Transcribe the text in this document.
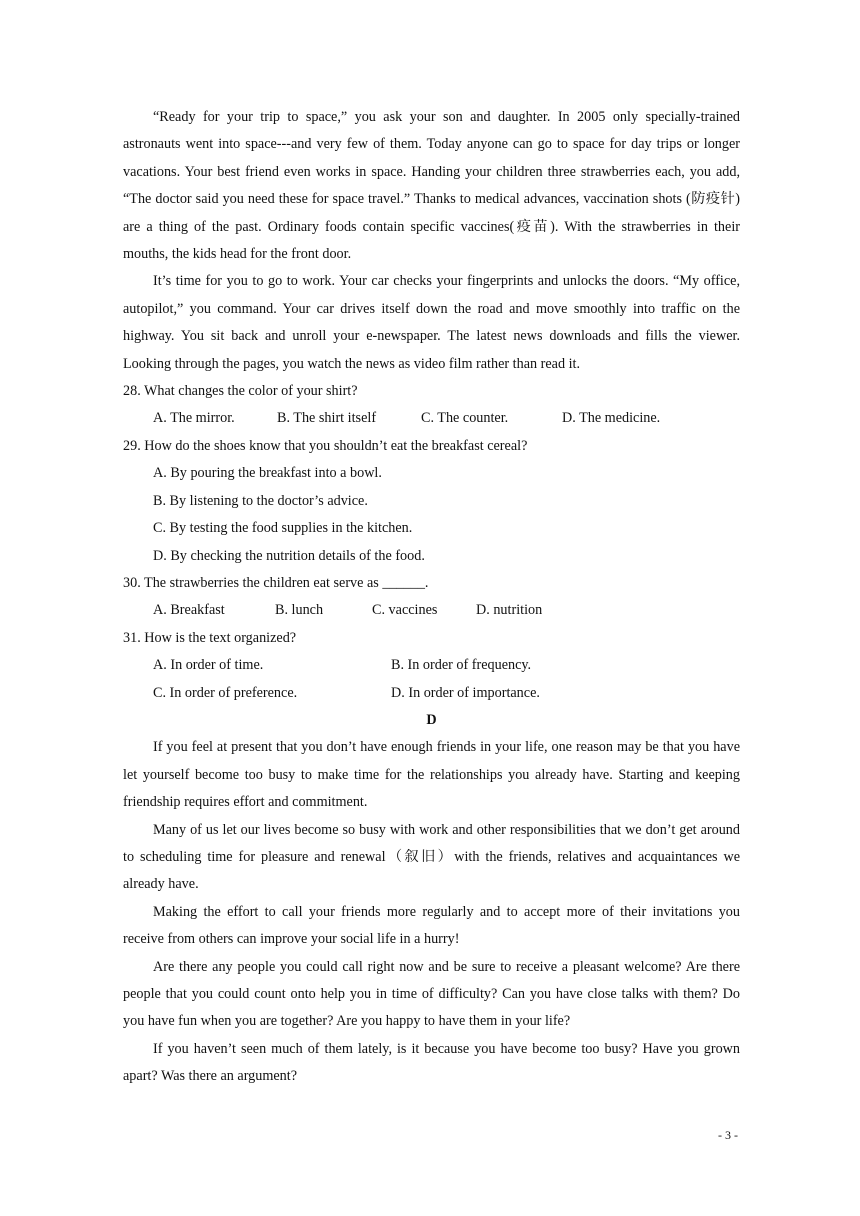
“Ready for your trip to space,” you ask your son and daughter. In 2005 only specially-trained astronauts went into space---and very few of them. Today anyone can go to space for day trips or longer vacations. Your best friend even works in space. Handing your children three strawberries each, you add, “The doctor said you need these for space travel.” Thanks to medical advances, vaccination shots (防疫针) are a thing of the past. Ordinary foods contain specific vaccines(疫苗). With the strawberries in their mouths, the kids head for the front door.

It’s time for you to go to work. Your car checks your fingerprints and unlocks the doors. “My office, autopilot,” you command. Your car drives itself down the road and move smoothly into traffic on the highway. You sit back and unroll your e-newspaper. The latest news downloads and fills the viewer. Looking through the pages, you watch the news as video film rather than read it.

28. What changes the color of your shirt?

A. The mirror.	B. The shirt itself	C. The counter.	D. The medicine.

29. How do the shoes know that you shouldn’t eat the breakfast cereal?

A. By pouring the breakfast into a bowl.

B. By listening to the doctor’s advice.

C. By testing the food supplies in the kitchen.

D. By checking the nutrition details of the food.

30. The strawberries the children eat serve as ______.

A. Breakfast	B. lunch	C. vaccines	D. nutrition

31. How is the text organized?

A. In order of time.	B. In order of frequency.
C. In order of preference.	D. In order of importance.

D

If you feel at present that you don’t have enough friends in your life, one reason may be that you have let yourself become too busy to make time for the relationships you already have. Starting and keeping friendship requires effort and commitment.

Many of us let our lives become so busy with work and other responsibilities that we don’t get around to scheduling time for pleasure and renewal（叙旧）with the friends, relatives and acquaintances we already have.

Making the effort to call your friends more regularly and to accept more of their invitations you receive from others can improve your social life in a hurry!

Are there any people you could call right now and be sure to receive a pleasant welcome? Are there people that you could count onto help you in time of difficulty? Can you have close talks with them? Do you have fun when you are together? Are you happy to have them in your life?

If you haven’t seen much of them lately, is it because you have become too busy? Have you grown apart? Was there an argument?

- 3 -
